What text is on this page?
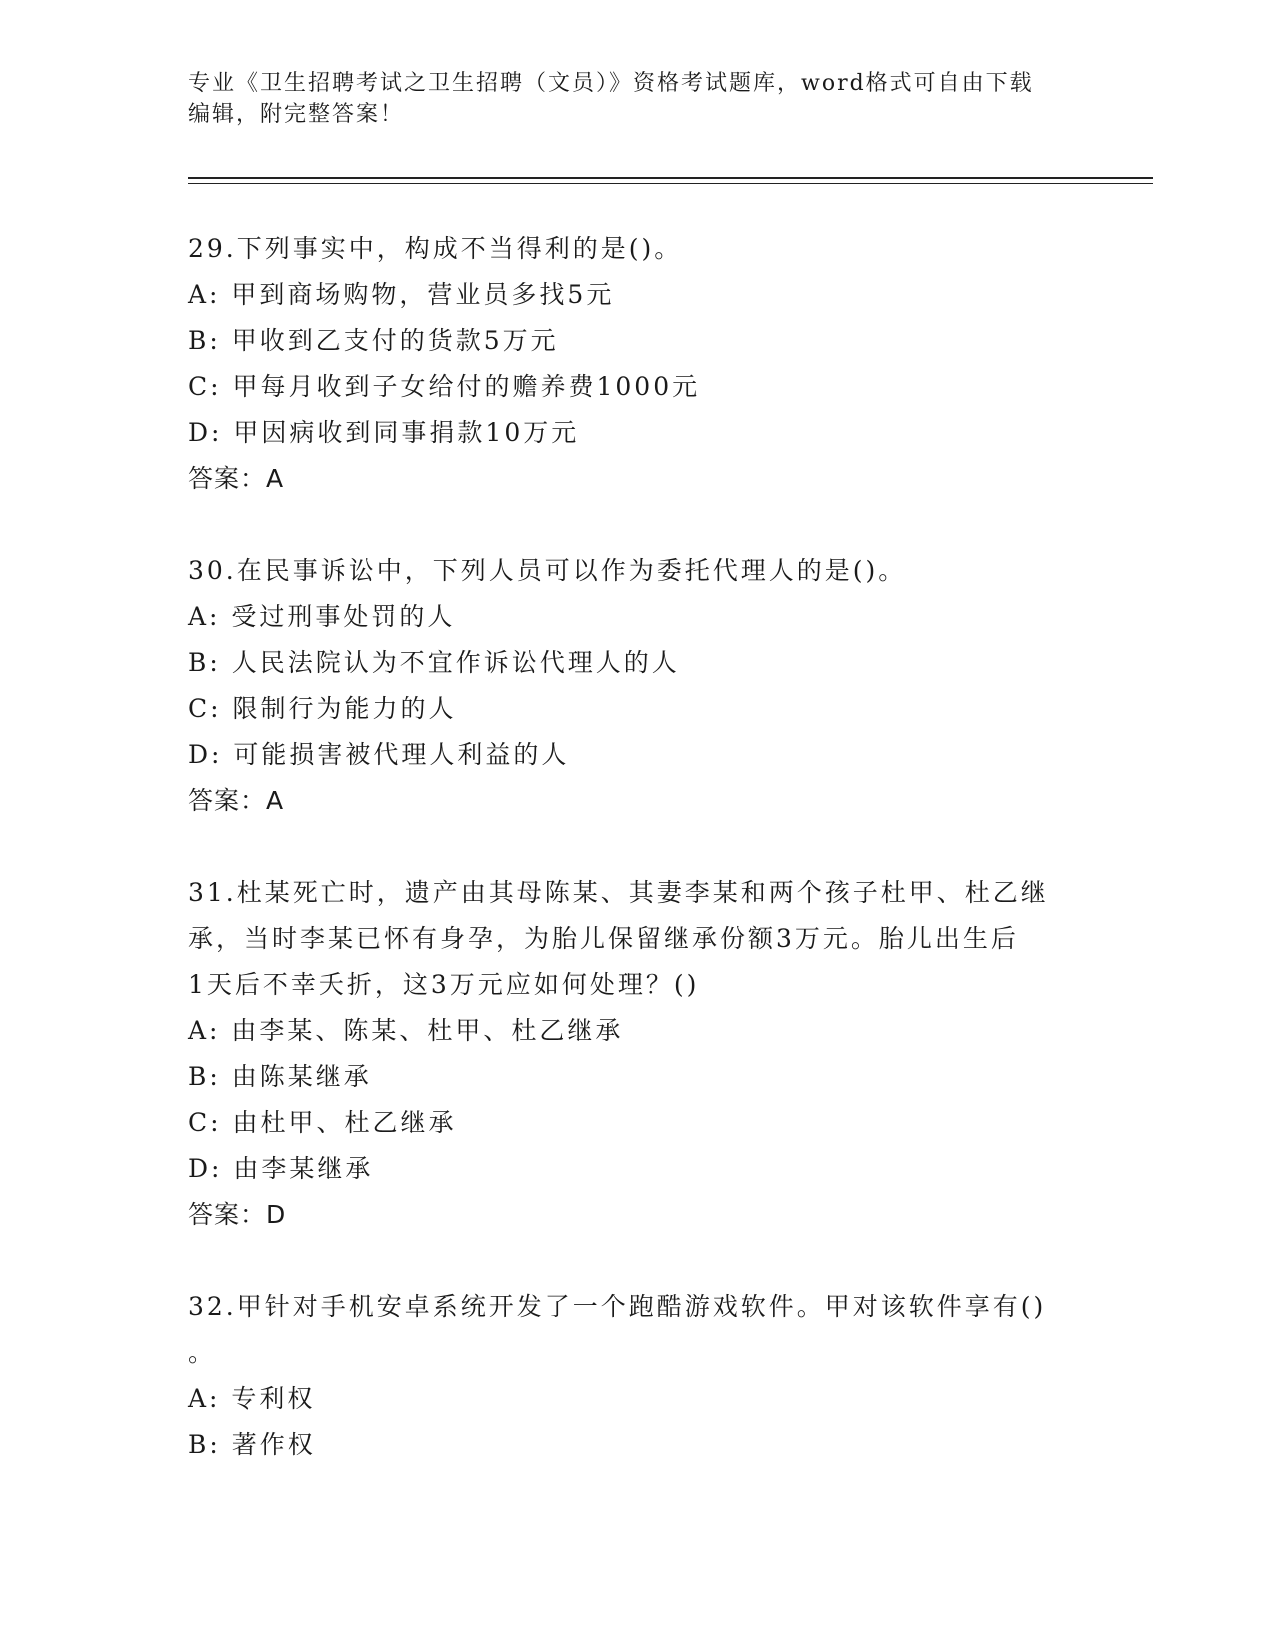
专业《卫生招聘考试之卫生招聘（文员）》资格考试题库，word格式可自由下载

编辑，附完整答案！

29.下列事实中，构成不当得利的是()。

A: 甲到商场购物，营业员多找5元

B: 甲收到乙支付的货款5万元

C: 甲每月收到子女给付的赡养费1000元

D: 甲因病收到同事捐款10万元

答案：A

30.在民事诉讼中，下列人员可以作为委托代理人的是()。

A: 受过刑事处罚的人

B: 人民法院认为不宜作诉讼代理人的人

C: 限制行为能力的人

D: 可能损害被代理人利益的人

答案：A

31.杜某死亡时，遗产由其母陈某、其妻李某和两个孩子杜甲、杜乙继

承，当时李某已怀有身孕，为胎儿保留继承份额3万元。胎儿出生后

1天后不幸夭折，这3万元应如何处理？()

A: 由李某、陈某、杜甲、杜乙继承

B: 由陈某继承

C: 由杜甲、杜乙继承

D: 由李某继承

答案：D

32.甲针对手机安卓系统开发了一个跑酷游戏软件。甲对该软件享有()

。

A: 专利权

B: 著作权
